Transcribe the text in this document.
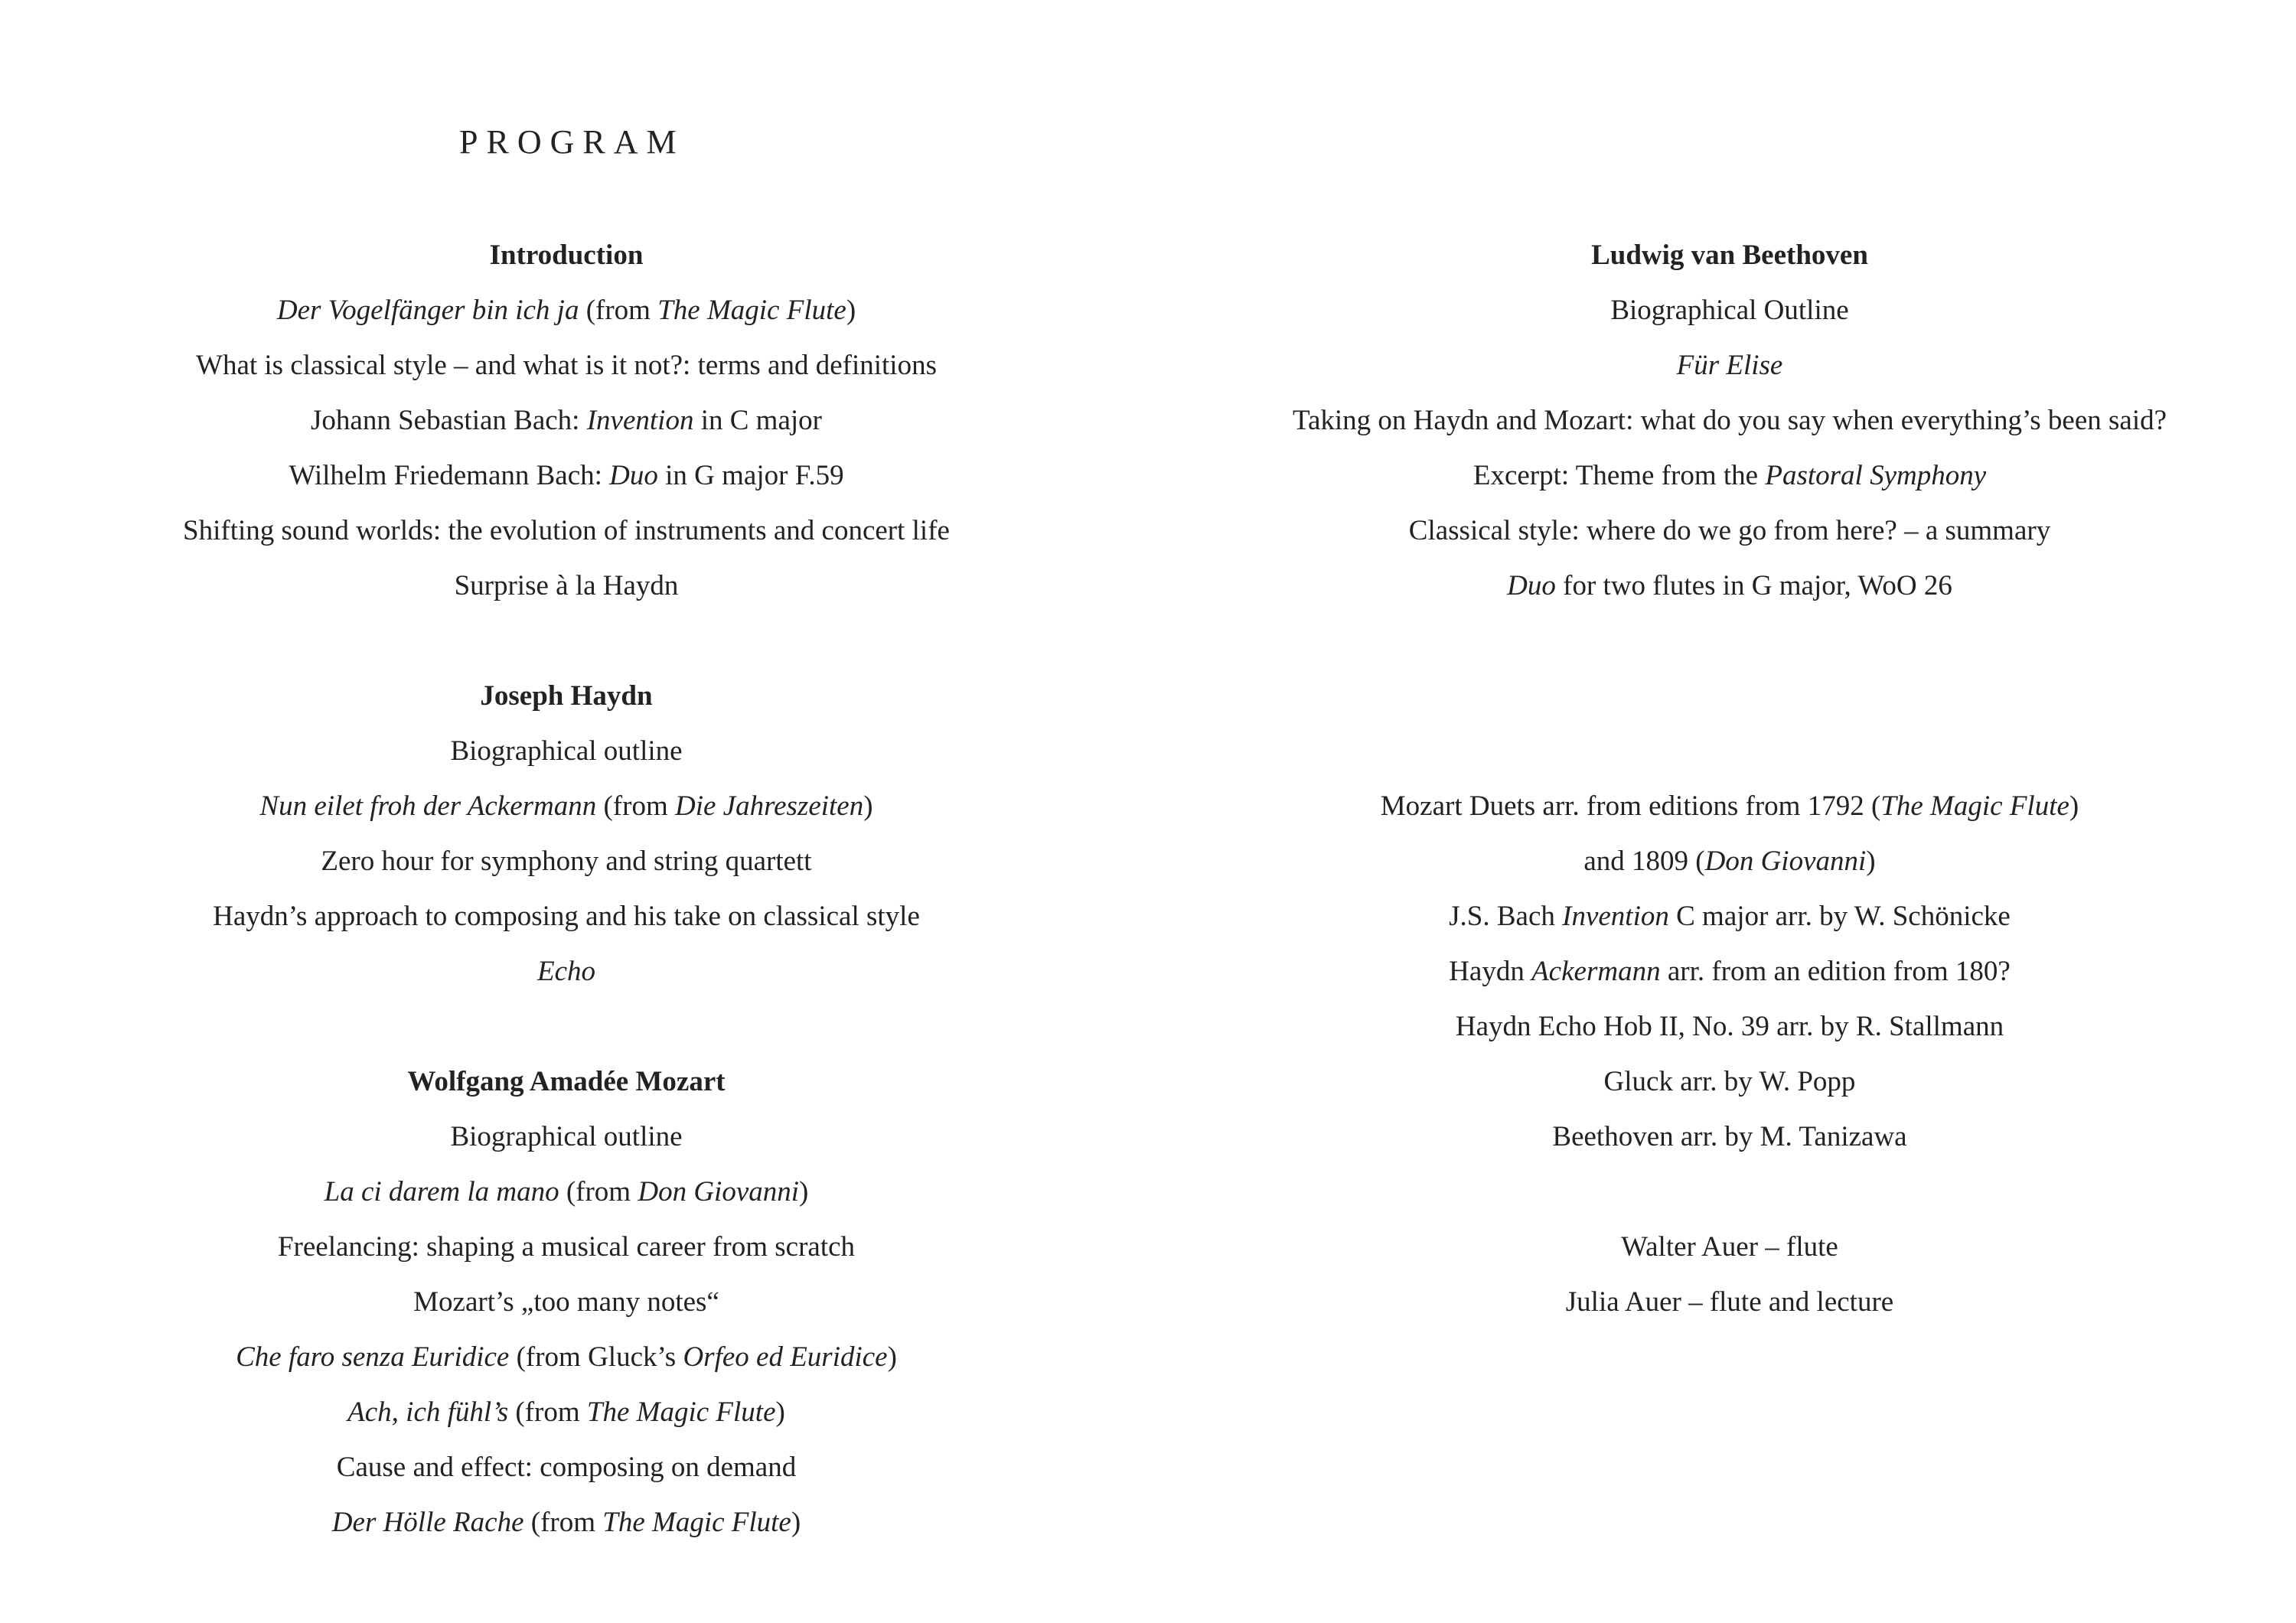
PROGRAM
Introduction
Der Vogelfänger bin ich ja (from The Magic Flute)
What is classical style – and what is it not?: terms and definitions
Johann Sebastian Bach: Invention in C major
Wilhelm Friedemann Bach: Duo in G major F.59
Shifting sound worlds: the evolution of instruments and concert life
Surprise à la Haydn
Joseph Haydn
Biographical outline
Nun eilet froh der Ackermann (from Die Jahreszeiten)
Zero hour for symphony and string quartett
Haydn’s approach to composing and his take on classical style
Echo
Wolfgang Amadée Mozart
Biographical outline
La ci darem la mano (from Don Giovanni)
Freelancing: shaping a musical career from scratch
Mozart’s „too many notes“
Che faro senza Euridice (from Gluck’s Orfeo ed Euridice)
Ach, ich fühl’s (from The Magic Flute)
Cause and effect: composing on demand
Der Hölle Rache (from The Magic Flute)
Ludwig van Beethoven
Biographical Outline
Für Elise
Taking on Haydn and Mozart: what do you say when everything’s been said?
Excerpt: Theme from the Pastoral Symphony
Classical style: where do we go from here? – a summary
Duo for two flutes in G major, WoO 26
Mozart Duets arr. from editions from 1792 (The Magic Flute)
and 1809 (Don Giovanni)
J.S. Bach Invention C major arr. by W. Schönicke
Haydn Ackermann arr. from an edition from 180?
Haydn Echo Hob II, No. 39 arr. by R. Stallmann
Gluck arr. by W. Popp
Beethoven arr. by M. Tanizawa
Walter Auer – flute
Julia Auer – flute and lecture
